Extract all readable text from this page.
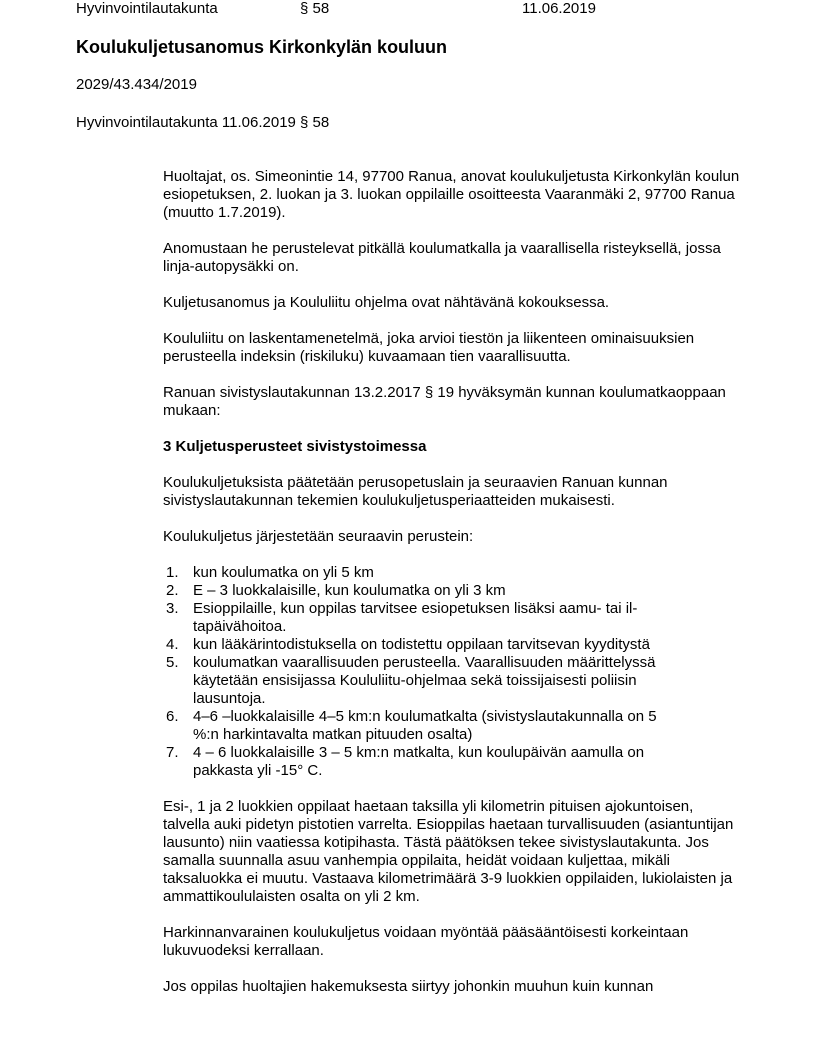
Hyvinvointilautakunta	§ 58	11.06.2019
Koulukuljetusanomus Kirkonkylän kouluun

2029/43.434/2019

Hyvinvointilautakunta 11.06.2019 § 58

Huoltajat, os. Simeonintie 14, 97700 Ranua, anovat koulukuljetusta Kirkonkylän koulun esiopetuksen, 2. luokan ja 3. luokan oppilaille osoitteesta Vaaranmäki 2, 97700 Ranua (muutto 1.7.2019).

Anomustaan he perustelevat pitkällä koulumatkalla ja vaarallisella risteyksellä, jossa linja-autopysäkki on.

Kuljetusanomus ja Koululiitu ohjelma ovat nähtävänä kokouksessa.

Koululiitu on laskentamenetelmä, joka arvioi tiestön ja liikenteen ominaisuuksien perusteella indeksin (riskiluku) kuvaamaan tien vaarallisuutta.

Ranuan sivistyslautakunnan 13.2.2017 § 19 hyväksymän kunnan koulumatkaoppaan mukaan:

3 Kuljetusperusteet sivistystoimessa

Koulukuljetuksista päätetään perusopetuslain ja seuraavien Ranuan kunnan sivistyslautakunnan tekemien koulukuljetusperiaatteiden mukaisesti.

Koulukuljetus järjestetään seuraavin perustein:

1. kun koulumatka on yli 5 km
2. E – 3 luokkalaisille, kun koulumatka on yli 3 km
3. Esioppilaille, kun oppilas tarvitsee esiopetuksen lisäksi aamu- tai iltapäivähoitoa.
4. kun lääkärintodistuksella on todistettu oppilaan tarvitsevan kyyditystä
5. koulumatkan vaarallisuuden perusteella. Vaarallisuuden määrittelyssä käytetään ensisijassa Koululiitu-ohjelmaa sekä toissijaisesti poliisin lausuntoja.
6. 4–6 –luokkalaisille 4–5 km:n koulumatkalta (sivistyslautakunnalla on 5 %:n harkintavalta matkan pituuden osalta)
7. 4 – 6 luokkalaisille 3 – 5 km:n matkalta, kun koulupäivän aamulla on pakkasta yli -15° C.

Esi-, 1 ja 2 luokkien oppilaat haetaan taksilla yli kilometrin pituisen ajokuntoisen, talvella auki pidetyn pistotien varrelta. Esioppilas haetaan turvallisuuden (asiantuntijan lausunto) niin vaatiessa kotipihasta. Tästä päätöksen tekee sivistyslautakunta. Jos samalla suunnalla asuu vanhempia oppilaita, heidät voidaan kuljettaa, mikäli taksaluokka ei muutu. Vastaava kilometrimäärä 3-9 luokkien oppilaiden, lukiolaisten ja ammattikoululaisten osalta on yli 2 km.

Harkinnanvarainen koulukuljetus voidaan myöntää pääsääntöisesti korkeintaan lukuvuodeksi kerrallaan.

Jos oppilas huoltajien hakemuksesta siirtyy johonkin muuhun kuin kunnan
